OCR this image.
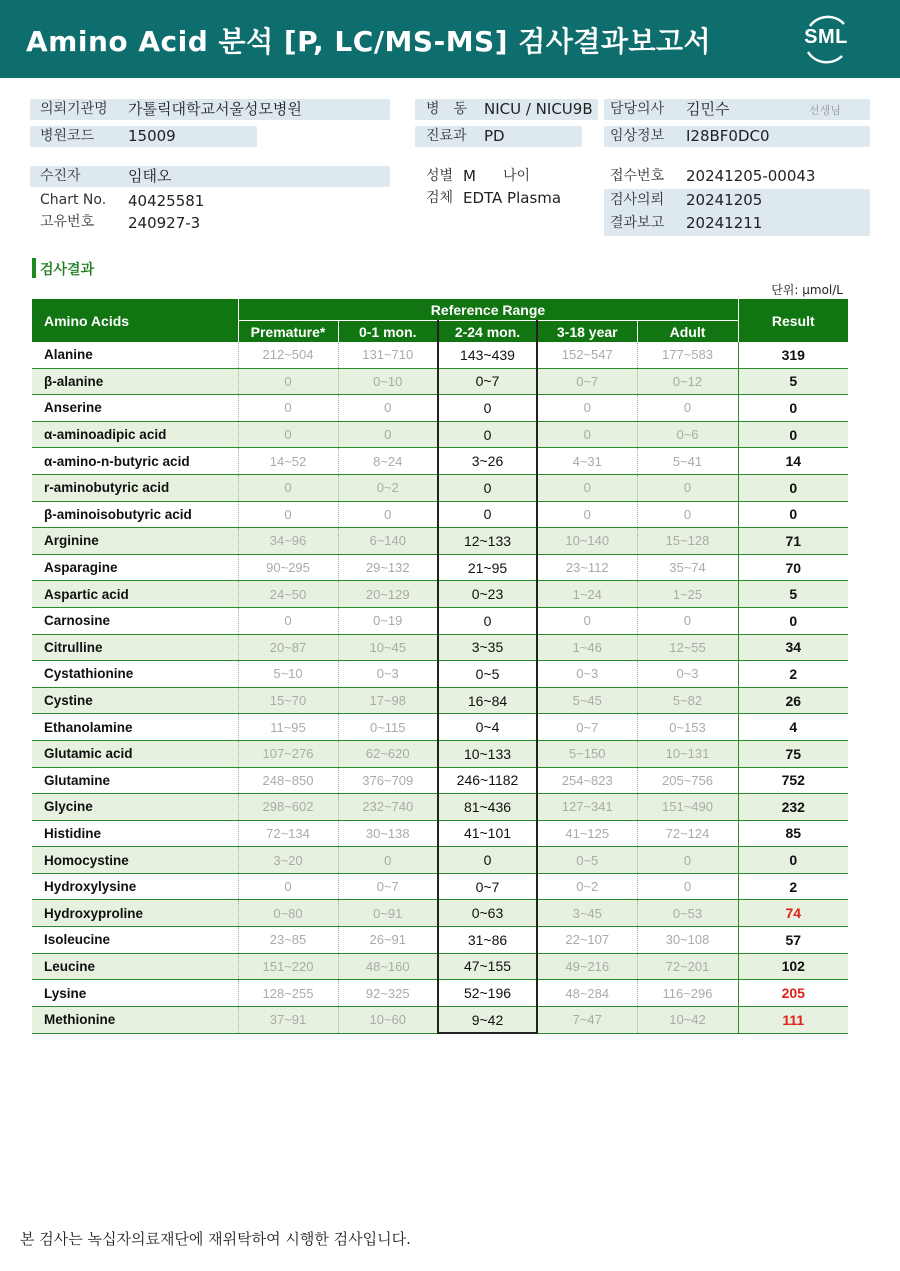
Amino Acid 분석 [P, LC/MS-MS] 검사결과보고서	SML
의뢰기관명 가톨릭대학교서울성모병원
병원코드 15009
수진자	임태오
Chart No. 40425581
고유번호 240927-3
병　동 NICU / NICU9B
진료과 PD
성별 M 나이
검체 EDTA Plasma
담당의사 김민수	선생님
임상정보 I28BF0DC0
접수번호 20241205-00043
검사의뢰 20241205
결과보고 20241211
검사결과
단위: μmol/L
Amino Acids	Reference Range					Result
	Premature*	0-1 mon.	2-24 mon.	3-18 year	Adult	
Alanine	212~504	131~710	143~439	152~547	177~583	319
β-alanine	0	0~10	0~7	0~7	0~12	5
Anserine	0	0	0	0	0	0
α-aminoadipic acid	0	0	0	0	0~6	0
α-amino-n-butyric acid	14~52	8~24	3~26	4~31	5~41	14
r-aminobutyric acid	0	0~2	0	0	0	0
β-aminoisobutyric acid	0	0	0	0	0	0
Arginine	34~96	6~140	12~133	10~140	15~128	71
Asparagine	90~295	29~132	21~95	23~112	35~74	70
Aspartic acid	24~50	20~129	0~23	1~24	1~25	5
Carnosine	0	0~19	0	0	0	0
Citrulline	20~87	10~45	3~35	1~46	12~55	34
Cystathionine	5~10	0~3	0~5	0~3	0~3	2
Cystine	15~70	17~98	16~84	5~45	5~82	26
Ethanolamine	11~95	0~115	0~4	0~7	0~153	4
Glutamic acid	107~276	62~620	10~133	5~150	10~131	75
Glutamine	248~850	376~709	246~1182	254~823	205~756	752
Glycine	298~602	232~740	81~436	127~341	151~490	232
Histidine	72~134	30~138	41~101	41~125	72~124	85
Homocystine	3~20	0	0	0~5	0	0
Hydroxylysine	0	0~7	0~7	0~2	0	2
Hydroxyproline	0~80	0~91	0~63	3~45	0~53	74
Isoleucine	23~85	26~91	31~86	22~107	30~108	57
Leucine	151~220	48~160	47~155	49~216	72~201	102
Lysine	128~255	92~325	52~196	48~284	116~296	205
Methionine	37~91	10~60	9~42	7~47	10~42	111
본 검사는 녹십자의료재단에 재위탁하여 시행한 검사입니다.
